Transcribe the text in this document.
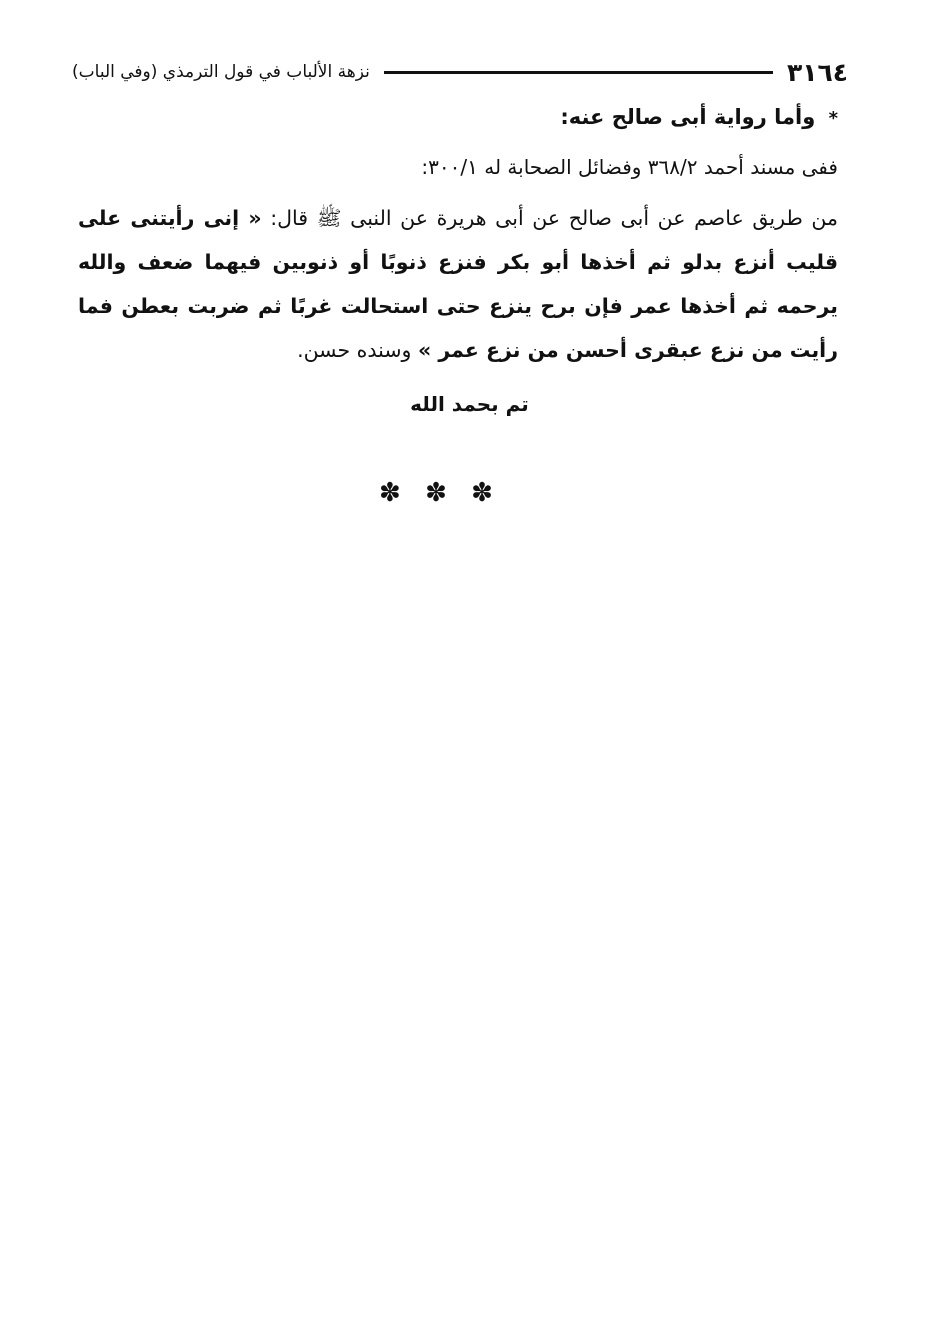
٣١٦٤
نزهة الألباب في قول الترمذي (وفي الباب)

* وأما رواية أبى صالح عنه:

ففى مسند أحمد ٣٦٨/٢ وفضائل الصحابة له ٣٠٠/١:

من طريق عاصم عن أبى صالح عن أبى هريرة عن النبى ﷺ قال: « إنى رأيتنى على قليب أنزع بدلو ثم أخذها أبو بكر فنزع ذنوبًا أو ذنوبين فيهما ضعف والله يرحمه ثم أخذها عمر فإن برح ينزع حتى استحالت غربًا ثم ضربت بعطن فما رأيت من نزع عبقرى أحسن من نزع عمر » وسنده حسن.

تم بحمد الله
✽ ✽ ✽
